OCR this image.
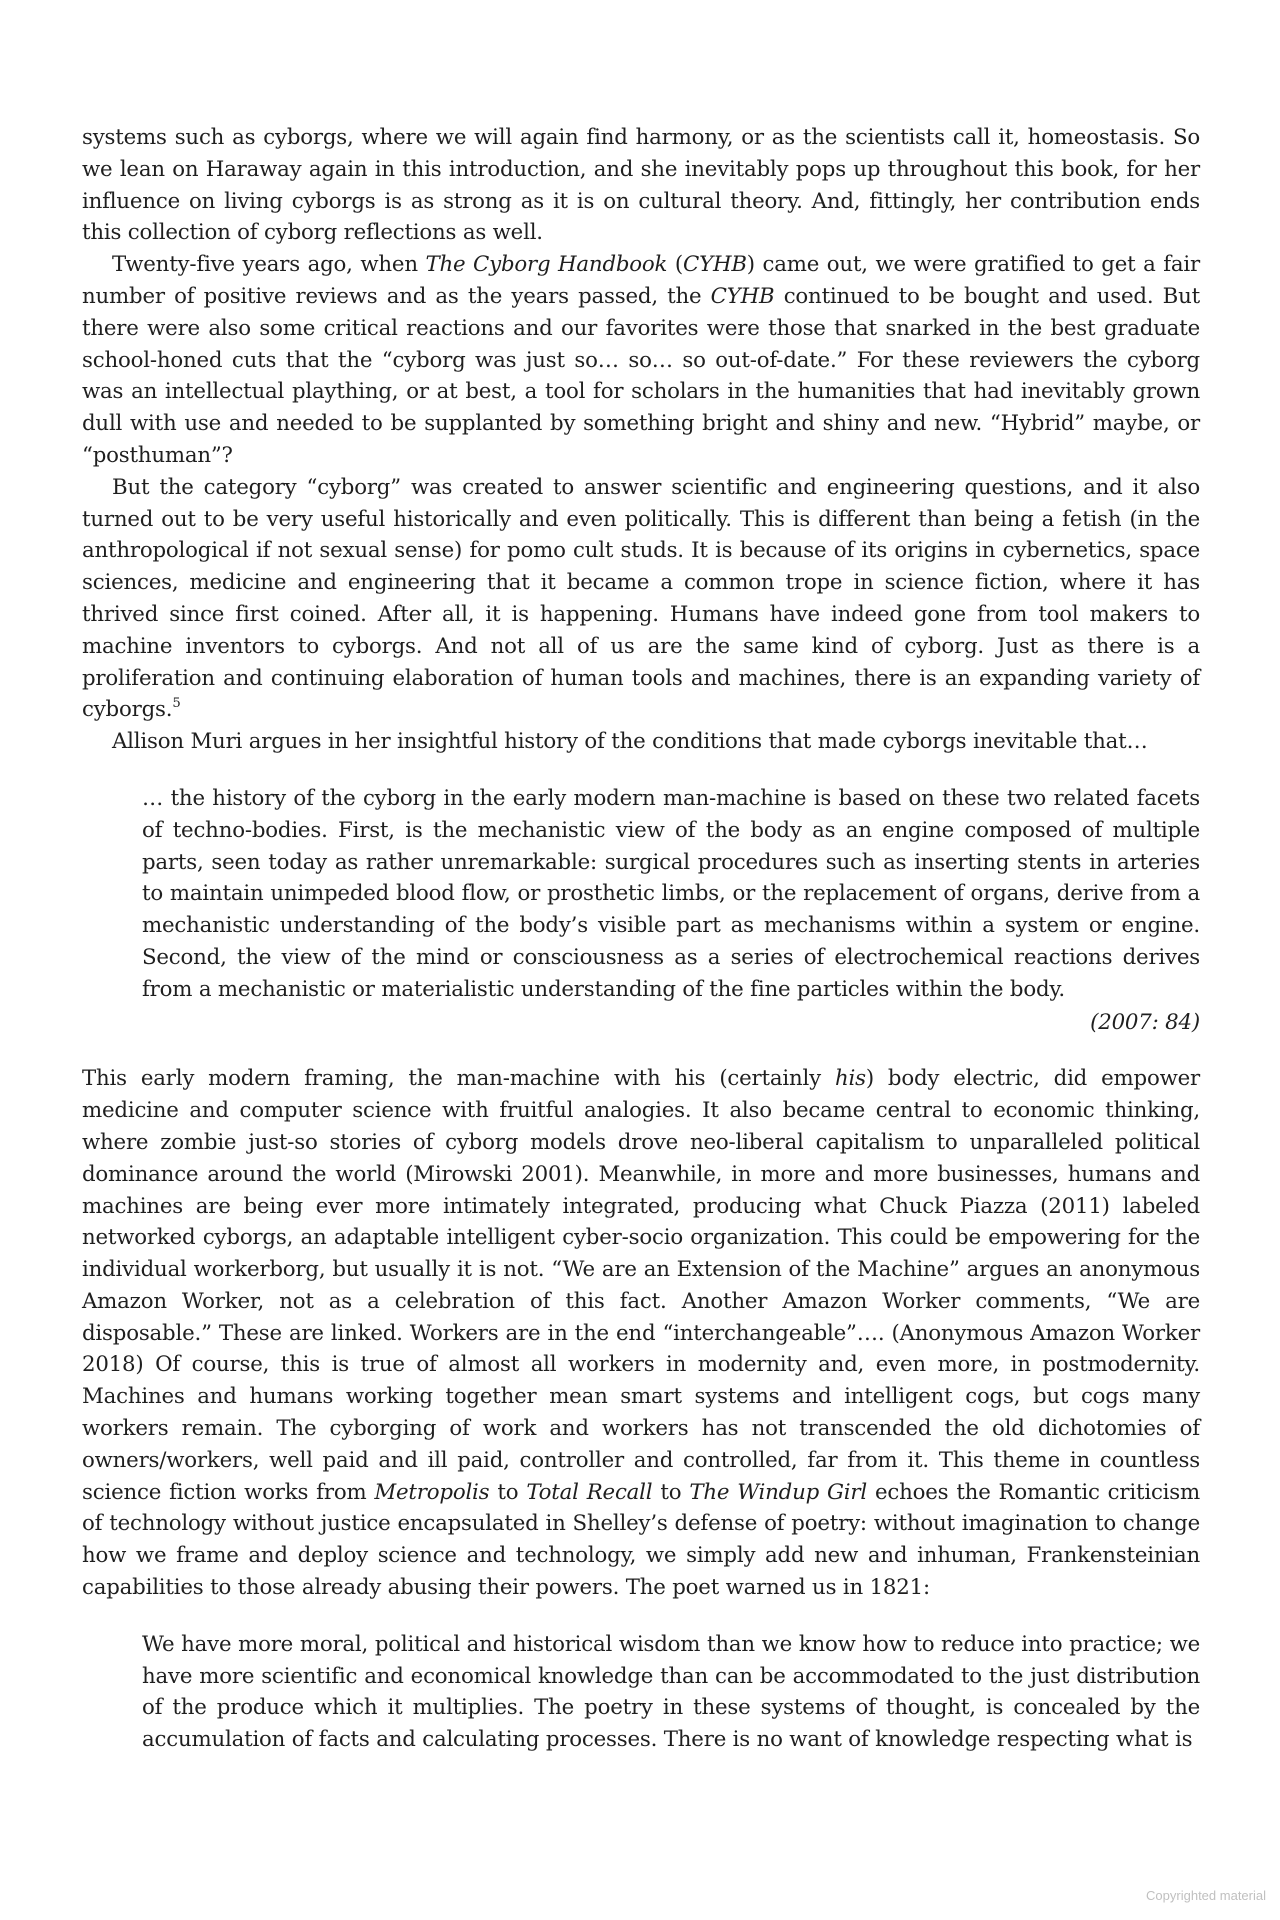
systems such as cyborgs, where we will again find harmony, or as the scientists call it, homeostasis. So we lean on Haraway again in this introduction, and she inevitably pops up throughout this book, for her influence on living cyborgs is as strong as it is on cultural theory. And, fittingly, her contribution ends this collection of cyborg reflections as well.

Twenty-five years ago, when The Cyborg Handbook (CYHB) came out, we were gratified to get a fair number of positive reviews and as the years passed, the CYHB continued to be bought and used. But there were also some critical reactions and our favorites were those that snarked in the best graduate school-honed cuts that the “cyborg was just so… so… so out-of-date.” For these reviewers the cyborg was an intellectual plaything, or at best, a tool for scholars in the humanities that had inevitably grown dull with use and needed to be supplanted by something bright and shiny and new. “Hybrid” maybe, or “posthuman”?

But the category “cyborg” was created to answer scientific and engineering questions, and it also turned out to be very useful historically and even politically. This is different than being a fetish (in the anthropological if not sexual sense) for pomo cult studs. It is because of its origins in cybernetics, space sciences, medicine and engineering that it became a common trope in science fiction, where it has thrived since first coined. After all, it is happening. Humans have indeed gone from tool makers to machine inventors to cyborgs. And not all of us are the same kind of cyborg. Just as there is a proliferation and continuing elaboration of human tools and machines, there is an expanding variety of cyborgs.$^5$

Allison Muri argues in her insightful history of the conditions that made cyborgs inevitable that…

… the history of the cyborg in the early modern man-machine is based on these two related facets of techno-bodies. First, is the mechanistic view of the body as an engine composed of multiple parts, seen today as rather unremarkable: surgical procedures such as inserting stents in arteries to maintain unimpeded blood flow, or prosthetic limbs, or the replacement of organs, derive from a mechanistic understanding of the body’s visible part as mechanisms within a system or engine. Second, the view of the mind or consciousness as a series of electrochemical reactions derives from a mechanistic or materialistic understanding of the fine particles within the body.

(2007: 84)

This early modern framing, the man-machine with his (certainly his) body electric, did empower medicine and computer science with fruitful analogies. It also became central to economic thinking, where zombie just-so stories of cyborg models drove neo-liberal capitalism to unparalleled political dominance around the world (Mirowski 2001). Meanwhile, in more and more businesses, humans and machines are being ever more intimately integrated, producing what Chuck Piazza (2011) labeled networked cyborgs, an adaptable intelligent cyber-socio organization. This could be empowering for the individual workerborg, but usually it is not. “We are an Extension of the Machine” argues an anonymous Amazon Worker, not as a celebration of this fact. Another Amazon Worker comments, “We are disposable.” These are linked. Workers are in the end “interchangeable”…. (Anonymous Amazon Worker 2018) Of course, this is true of almost all workers in modernity and, even more, in postmodernity. Machines and humans working together mean smart systems and intelligent cogs, but cogs many workers remain. The cyborging of work and workers has not transcended the old dichotomies of owners/workers, well paid and ill paid, controller and controlled, far from it. This theme in countless science fiction works from Metropolis to Total Recall to The Windup Girl echoes the Romantic criticism of technology without justice encapsulated in Shelley’s defense of poetry: without imagination to change how we frame and deploy science and technology, we simply add new and inhuman, Frankensteinian capabilities to those already abusing their powers. The poet warned us in 1821:

We have more moral, political and historical wisdom than we know how to reduce into practice; we have more scientific and economical knowledge than can be accommodated to the just distribution of the produce which it multiplies. The poetry in these systems of thought, is concealed by the accumulation of facts and calculating processes. There is no want of knowledge respecting what is

Copyrighted material
